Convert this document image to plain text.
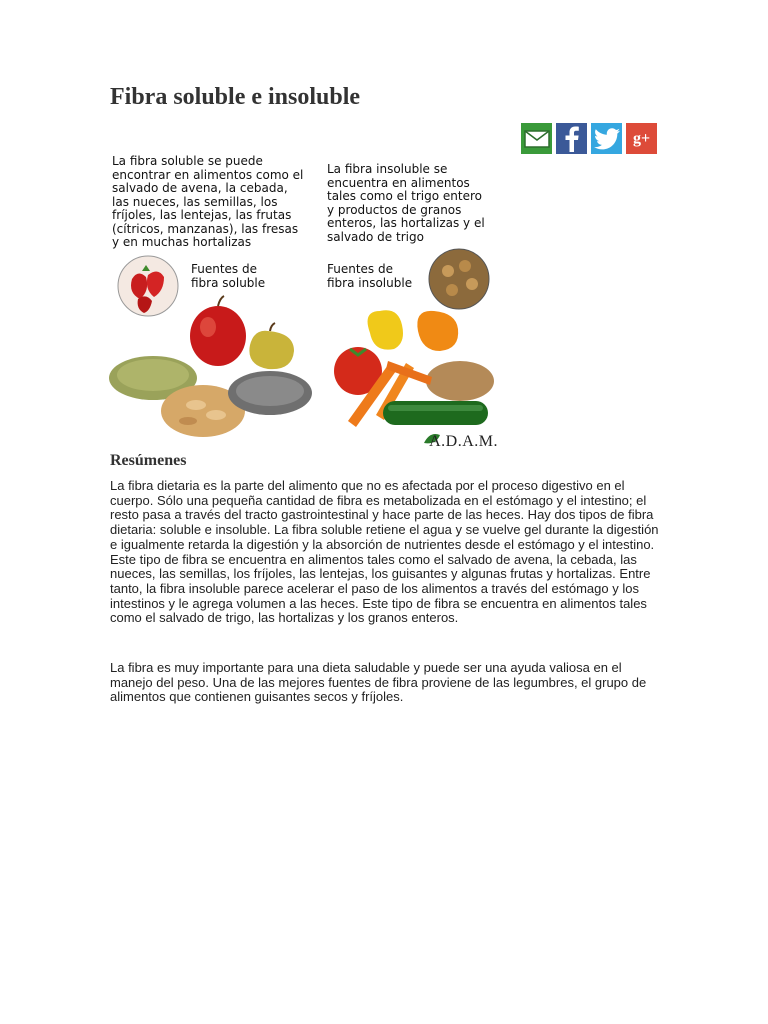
Fibra soluble e insoluble
g+

La fibra soluble se puede
encontrar en alimentos como el
salvado de avena, la cebada,
las nueces, las semillas, los
fríjoles, las lentejas, las frutas
(cítricos, manzanas), las fresas
y en muchas hortalizas

La fibra insoluble se
encuentra en alimentos
tales como el trigo entero
y productos de granos
enteros, las hortalizas y el
salvado de trigo

Fuentes de
fibra soluble

Fuentes de
fibra insoluble

A.D.A.M.
Resúmenes

La fibra dietaria es la parte del alimento que no es afectada por el proceso digestivo en el cuerpo. Sólo una pequeña cantidad de fibra es metabolizada en el estómago y el intestino; el resto pasa a través del tracto gastrointestinal y hace parte de las heces. Hay dos tipos de fibra dietaria: soluble e insoluble. La fibra soluble retiene el agua y se vuelve gel durante la digestión e igualmente retarda la digestión y la absorción de nutrientes desde el estómago y el intestino. Este tipo de fibra se encuentra en alimentos tales como el salvado de avena, la cebada, las nueces, las semillas, los fríjoles, las lentejas, los guisantes y algunas frutas y hortalizas. Entre tanto, la fibra insoluble parece acelerar el paso de los alimentos a través del estómago y los intestinos y le agrega volumen a las heces. Este tipo de fibra se encuentra en alimentos tales como el salvado de trigo, las hortalizas y los granos enteros.

La fibra es muy importante para una dieta saludable y puede ser una ayuda valiosa en el manejo del peso. Una de las mejores fuentes de fibra proviene de las legumbres, el grupo de alimentos que contienen guisantes secos y fríjoles.
